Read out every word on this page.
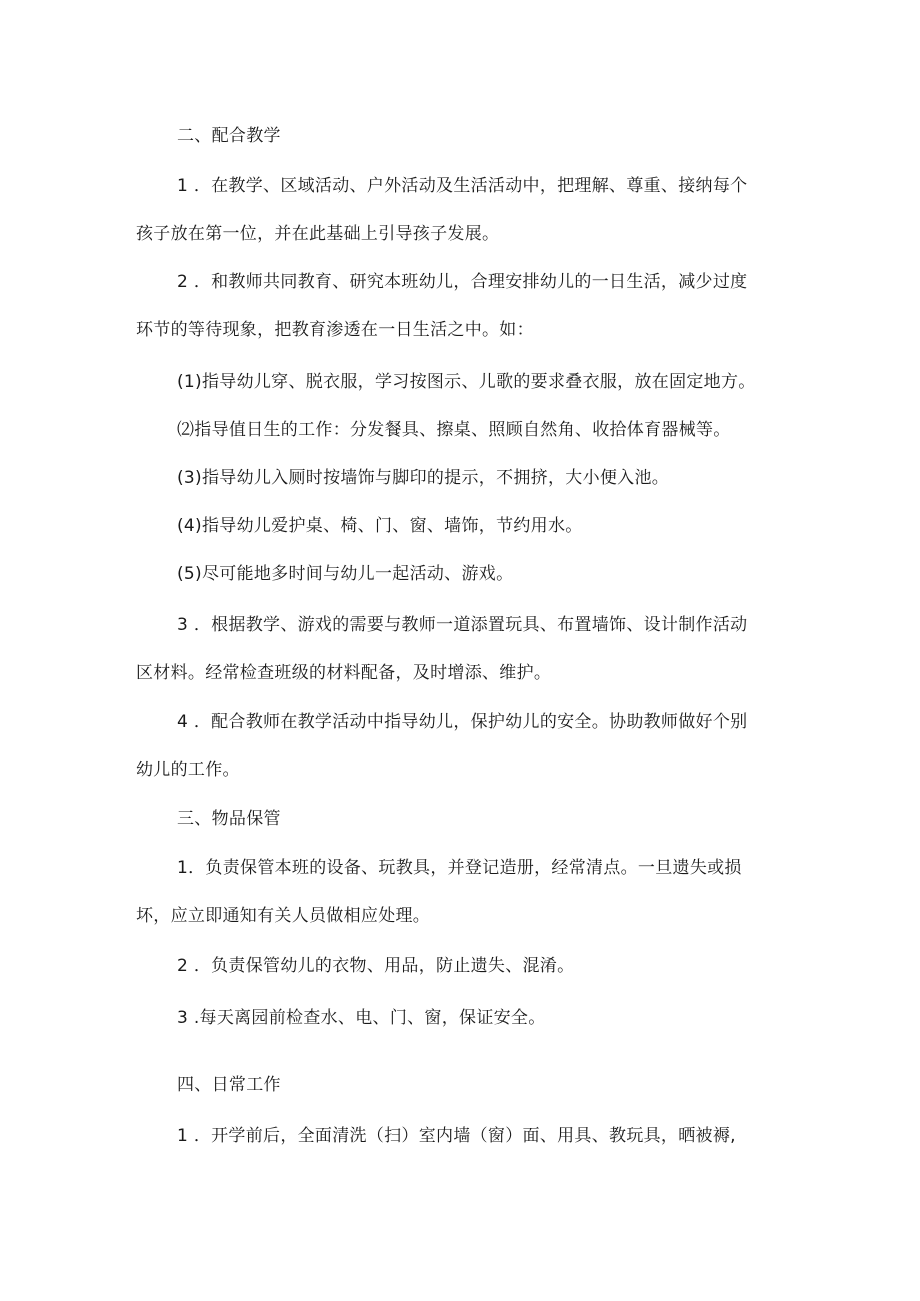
二、配合教学
1 ．在教学、区域活动、户外活动及生活活动中，把理解、尊重、接纳每个
孩子放在第一位，并在此基础上引导孩子发展。
2 ．和教师共同教育、研究本班幼儿，合理安排幼儿的一日生活，减少过度
环节的等待现象，把教育渗透在一日生活之中。如：
(1)指导幼儿穿、脱衣服，学习按图示、儿歌的要求叠衣服，放在固定地方。
⑵指导值日生的工作：分发餐具、擦桌、照顾自然角、收拾体育器械等。
(3)指导幼儿入厕时按墙饰与脚印的提示，不拥挤，大小便入池。
(4)指导幼儿爱护桌、椅、门、窗、墙饰，节约用水。
(5)尽可能地多时间与幼儿一起活动、游戏。
3 ．根据教学、游戏的需要与教师一道添置玩具、布置墙饰、设计制作活动
区材料。经常检查班级的材料配备，及时增添、维护。
4 ．配合教师在教学活动中指导幼儿，保护幼儿的安全。协助教师做好个别
幼儿的工作。
三、物品保管
1．负责保管本班的设备、玩教具，并登记造册，经常清点。一旦遗失或损
坏，应立即通知有关人员做相应处理。
2 ．负责保管幼儿的衣物、用品，防止遗失、混淆。
3 .每天离园前检查水、电、门、窗，保证安全。
四、日常工作
1 ．开学前后，全面清洗（扫）室内墙（窗）面、用具、教玩具，晒被褥,
